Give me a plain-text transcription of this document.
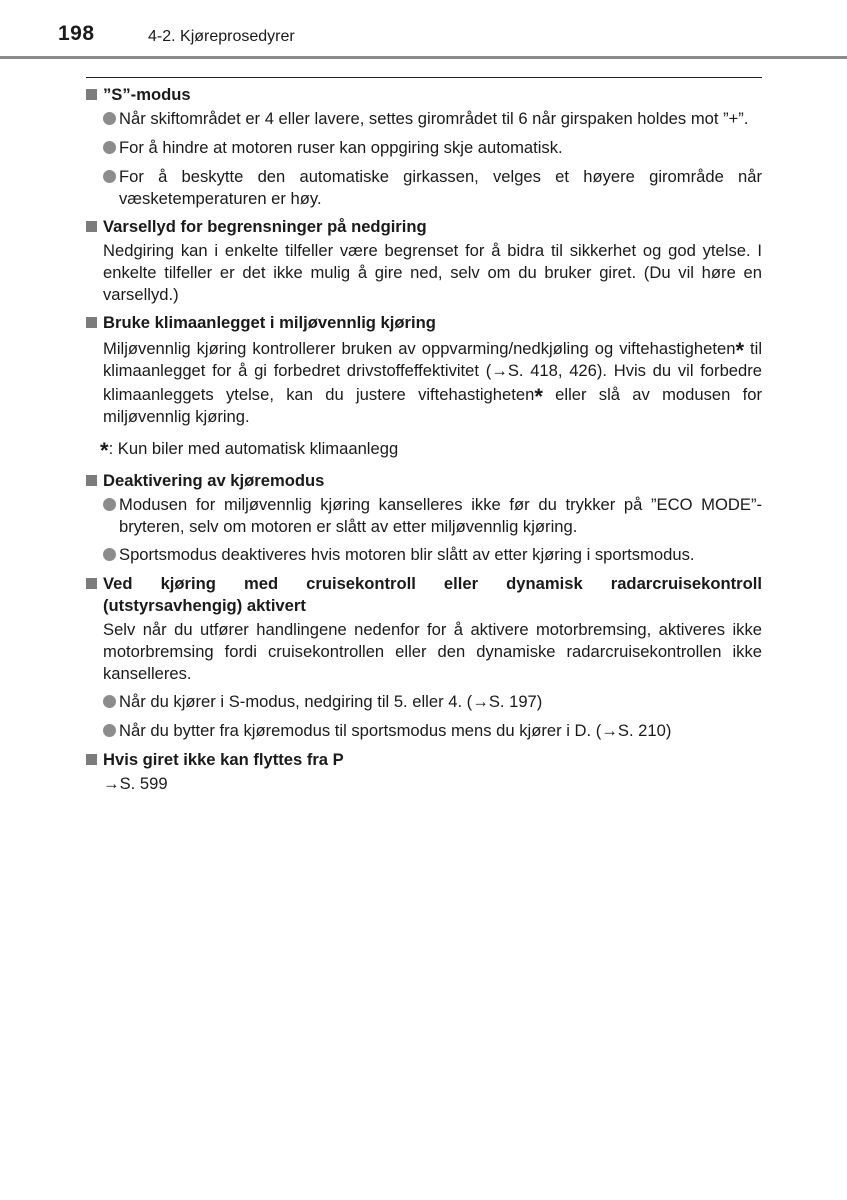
198	4-2. Kjøreprosedyrer
”S”-modus
Når skiftområdet er 4 eller lavere, settes girområdet til 6 når girspaken holdes mot ”+”.
For å hindre at motoren ruser kan oppgiring skje automatisk.
For å beskytte den automatiske girkassen, velges et høyere girområde når væsketemperaturen er høy.
Varsellyd for begrensninger på nedgiring
Nedgiring kan i enkelte tilfeller være begrenset for å bidra til sikkerhet og god ytelse. I enkelte tilfeller er det ikke mulig å gire ned, selv om du bruker giret. (Du vil høre en varsellyd.)
Bruke klimaanlegget i miljøvennlig kjøring
Miljøvennlig kjøring kontrollerer bruken av oppvarming/nedkjøling og viftehastigheten* til klimaanlegget for å gi forbedret drivstoffeffektivitet (→S. 418, 426). Hvis du vil forbedre klimaanleggets ytelse, kan du justere viftehastigheten* eller slå av modusen for miljøvennlig kjøring.
*: Kun biler med automatisk klimaanlegg
Deaktivering av kjøremodus
Modusen for miljøvennlig kjøring kanselleres ikke før du trykker på ”ECO MODE”-bryteren, selv om motoren er slått av etter miljøvennlig kjøring.
Sportsmodus deaktiveres hvis motoren blir slått av etter kjøring i sportsmodus.
Ved kjøring med cruisekontroll eller dynamisk radarcruisekontroll (utstyrsavhengig) aktivert
Selv når du utfører handlingene nedenfor for å aktivere motorbremsing, aktiveres ikke motorbremsing fordi cruisekontrollen eller den dynamiske radarcruisekontrollen ikke kanselleres.
Når du kjører i S-modus, nedgiring til 5. eller 4. (→S. 197)
Når du bytter fra kjøremodus til sportsmodus mens du kjører i D. (→S. 210)
Hvis giret ikke kan flyttes fra P
→S. 599
